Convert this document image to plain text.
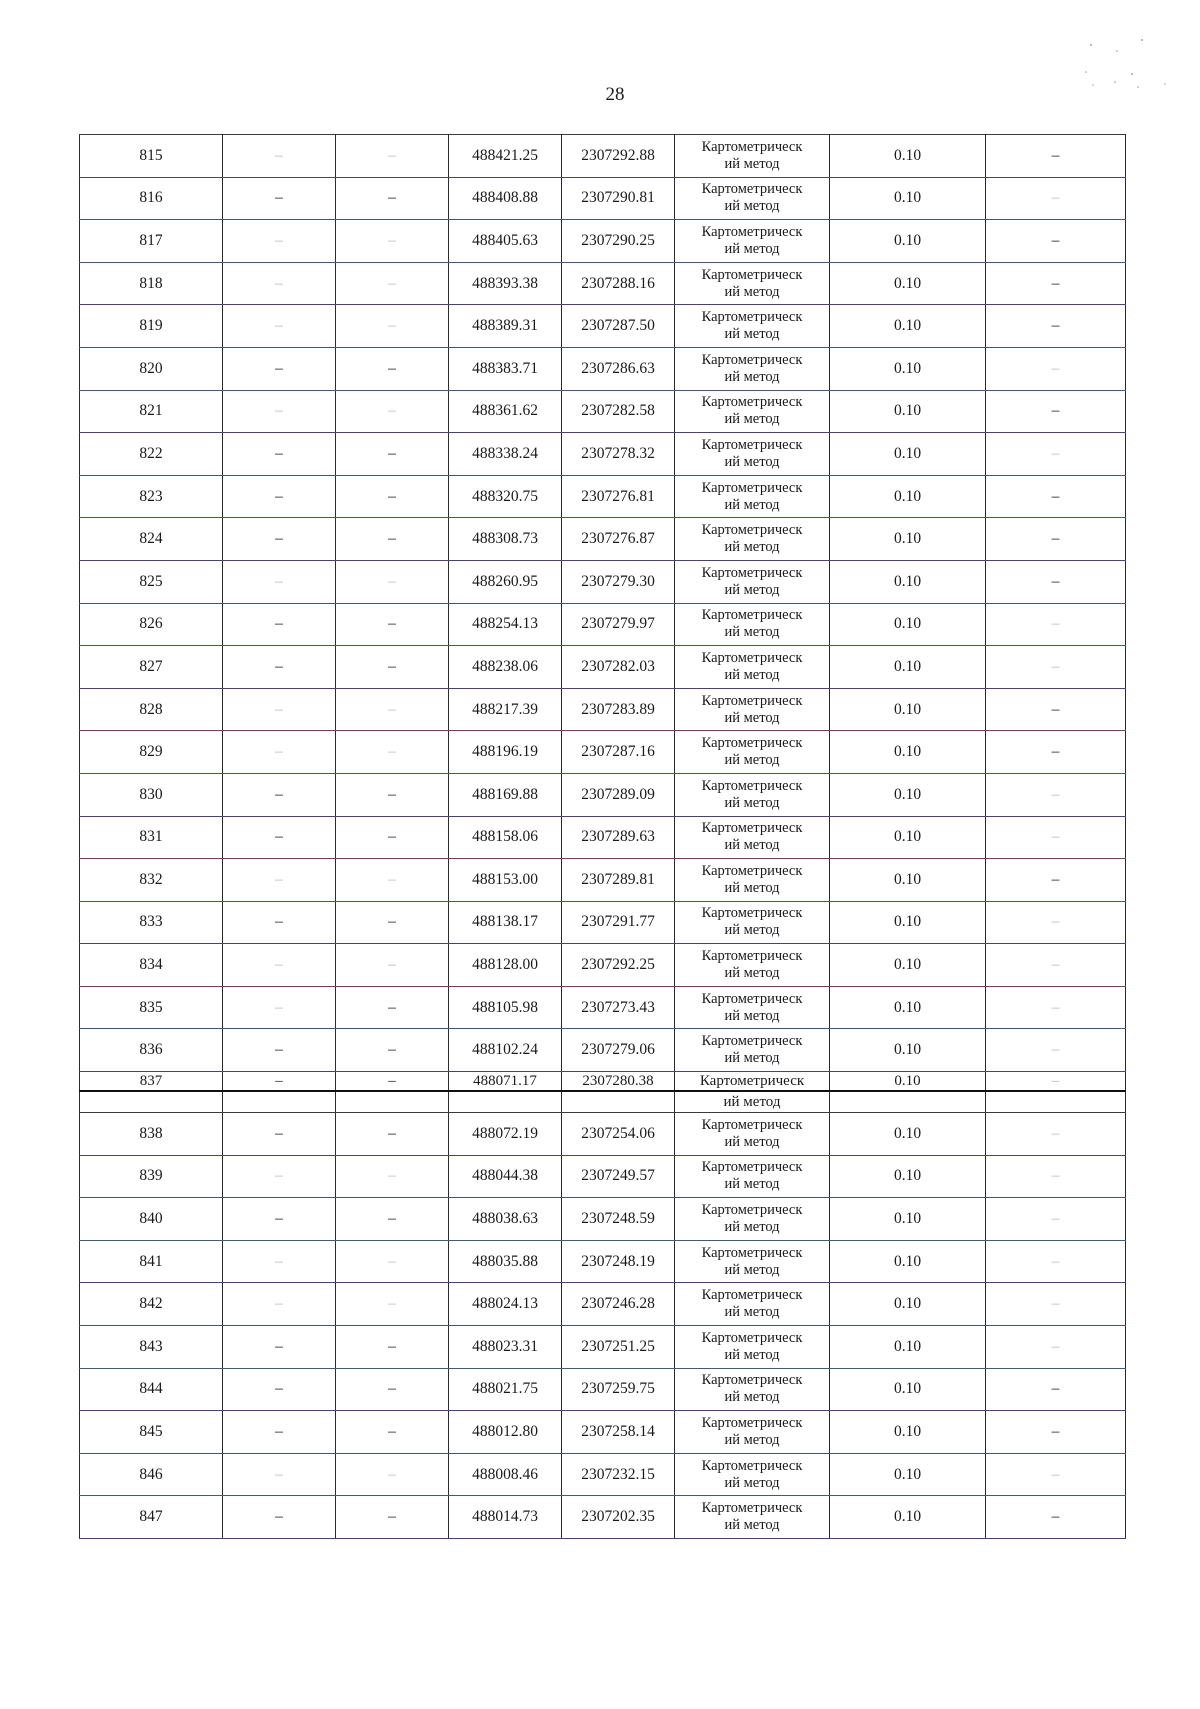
28
815	–	–	488421.25	2307292.88	Картометрическ
ий метод	0.10	–
816	–	–	488408.88	2307290.81	Картометрическ
ий метод	0.10	–
817	–	–	488405.63	2307290.25	Картометрическ
ий метод	0.10	–
818	–	–	488393.38	2307288.16	Картометрическ
ий метод	0.10	–
819	–	–	488389.31	2307287.50	Картометрическ
ий метод	0.10	–
820	–	–	488383.71	2307286.63	Картометрическ
ий метод	0.10	–
821	–	–	488361.62	2307282.58	Картометрическ
ий метод	0.10	–
822	–	–	488338.24	2307278.32	Картометрическ
ий метод	0.10	–
823	–	–	488320.75	2307276.81	Картометрическ
ий метод	0.10	–
824	–	–	488308.73	2307276.87	Картометрическ
ий метод	0.10	–
825	–	–	488260.95	2307279.30	Картометрическ
ий метод	0.10	–
826	–	–	488254.13	2307279.97	Картометрическ
ий метод	0.10	–
827	–	–	488238.06	2307282.03	Картометрическ
ий метод	0.10	–
828	–	–	488217.39	2307283.89	Картометрическ
ий метод	0.10	–
829	–	–	488196.19	2307287.16	Картометрическ
ий метод	0.10	–
830	–	–	488169.88	2307289.09	Картометрическ
ий метод	0.10	–
831	–	–	488158.06	2307289.63	Картометрическ
ий метод	0.10	–
832	–	–	488153.00	2307289.81	Картометрическ
ий метод	0.10	–
833	–	–	488138.17	2307291.77	Картометрическ
ий метод	0.10	–
834	–	–	488128.00	2307292.25	Картометрическ
ий метод	0.10	–
835	–	–	488105.98	2307273.43	Картометрическ
ий метод	0.10	–
836	–	–	488102.24	2307279.06	Картометрическ
ий метод	0.10	–
837	–	–	488071.17	2307280.38	Картометрическ	0.10	–
					ий метод		
838	–	–	488072.19	2307254.06	Картометрическ
ий метод	0.10	–
839	–	–	488044.38	2307249.57	Картометрическ
ий метод	0.10	–
840	–	–	488038.63	2307248.59	Картометрическ
ий метод	0.10	–
841	–	–	488035.88	2307248.19	Картометрическ
ий метод	0.10	–
842	–	–	488024.13	2307246.28	Картометрическ
ий метод	0.10	–
843	–	–	488023.31	2307251.25	Картометрическ
ий метод	0.10	–
844	–	–	488021.75	2307259.75	Картометрическ
ий метод	0.10	–
845	–	–	488012.80	2307258.14	Картометрическ
ий метод	0.10	–
846	–	–	488008.46	2307232.15	Картометрическ
ий метод	0.10	–
847	–	–	488014.73	2307202.35	Картометрическ
ий метод	0.10	–
